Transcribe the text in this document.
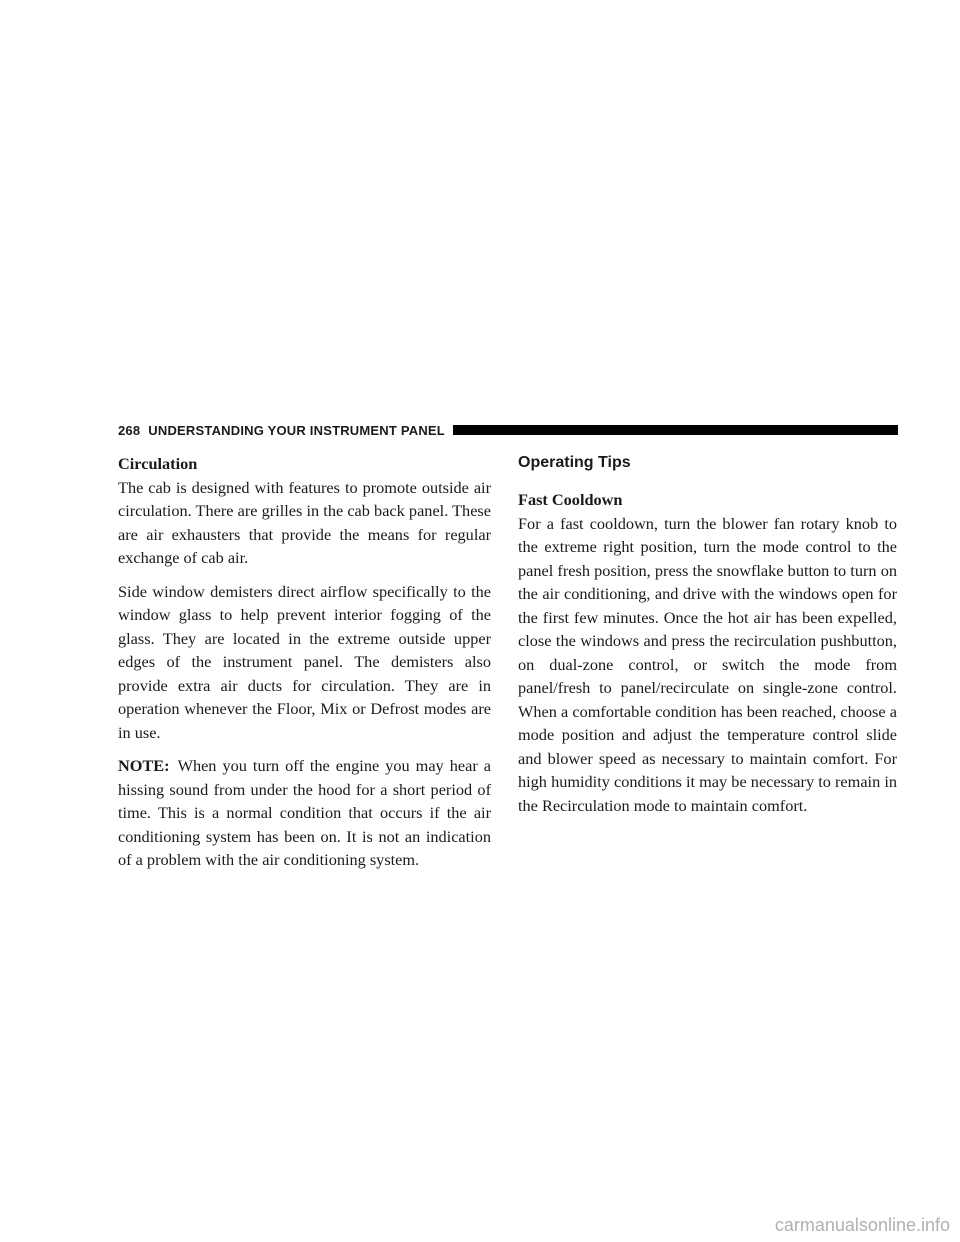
268 UNDERSTANDING YOUR INSTRUMENT PANEL

Circulation

The cab is designed with features to promote outside air circulation. There are grilles in the cab back panel. These are air exhausters that provide the means for regular exchange of cab air.

Side window demisters direct airflow specifically to the window glass to help prevent interior fogging of the glass. They are located in the extreme outside upper edges of the instrument panel. The demisters also provide extra air ducts for circulation. They are in operation whenever the Floor, Mix or Defrost modes are in use.

NOTE: When you turn off the engine you may hear a hissing sound from under the hood for a short period of time. This is a normal condition that occurs if the air conditioning system has been on. It is not an indication of a problem with the air conditioning system.

Operating Tips

Fast Cooldown

For a fast cooldown, turn the blower fan rotary knob to the extreme right position, turn the mode control to the panel fresh position, press the snowflake button to turn on the air conditioning, and drive with the windows open for the first few minutes. Once the hot air has been expelled, close the windows and press the recirculation pushbutton, on dual-zone control, or switch the mode from panel/fresh to panel/recirculate on single-zone control. When a comfortable condition has been reached, choose a mode position and adjust the temperature control slide and blower speed as necessary to maintain comfort. For high humidity conditions it may be necessary to remain in the Recirculation mode to maintain comfort.

carmanualsonline.info
